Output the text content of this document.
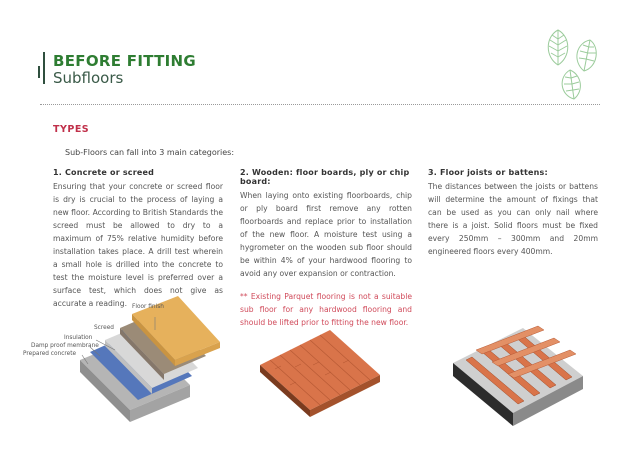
BEFORE FITTING
Subfloors
TYPES
Sub-Floors can fall into 3 main categories:
1. Concrete or screed

Ensuring that your concrete or screed floor is dry is crucial to the process of laying a new floor. According to British Standards the screed must be allowed to dry to a maximum of 75% relative humidity before installation takes place. A drill test wherein a small hole is drilled into the concrete to test the moisture level is preferred over a surface test, which does not give as accurate a reading.

2. Wooden: floor boards, ply or chip board:

When laying onto existing floorboards, chip or ply board first remove any rotten floorboards and replace prior to installation of the new floor. A moisture test using a hygrometer on the wooden sub floor should be within 4% of your hardwood flooring to avoid any over expansion or contraction.

** Existing Parquet flooring is not a suitable sub floor for any hardwood flooring and should be lifted prior to fitting the new floor.

3. Floor joists or battens:

The distances between the joists or battens will determine the amount of fixings that can be used as you can only nail where there is a joist. Solid floors must be fixed every 250mm – 300mm and 20mm engineered floors every 400mm.

Floor finish
Screed
Insulation
Damp proof membrane
Prepared concrete
